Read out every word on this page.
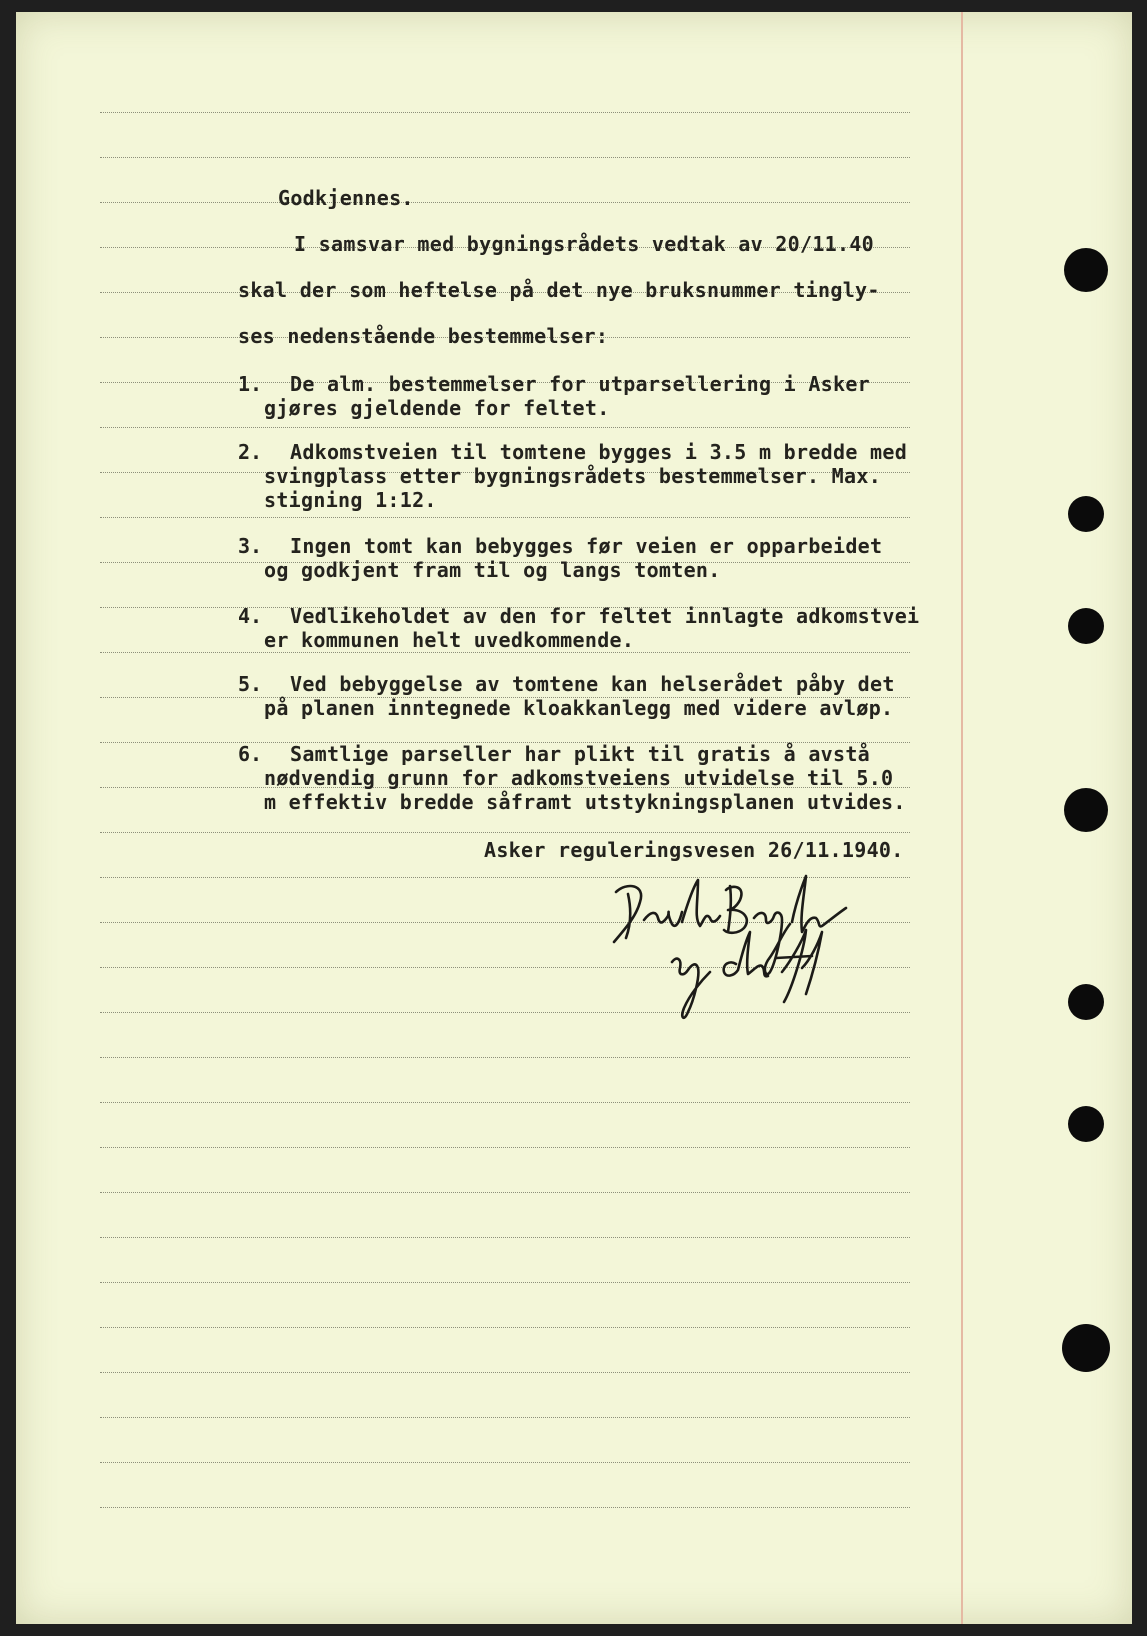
Godkjennes.
I samsvar med bygningsrådets vedtak av 20/11.40
skal der som heftelse på det nye bruksnummer tingly-
ses nedenstående bestemmelser:
1. De alm. bestemmelser for utparsellering i Asker
gjøres gjeldende for feltet.
2. Adkomstveien til tomtene bygges i 3.5 m bredde med
svingplass etter bygningsrådets bestemmelser. Max.
stigning 1:12.
3. Ingen tomt kan bebygges før veien er opparbeidet
og godkjent fram til og langs tomten.
4. Vedlikeholdet av den for feltet innlagte adkomstvei
er kommunen helt uvedkommende.
5. Ved bebyggelse av tomtene kan helserådet påby det
på planen inntegnede kloakkanlegg med videre avløp.
6. Samtlige parseller har plikt til gratis å avstå
nødvendig grunn for adkomstveiens utvidelse til 5.0
m effektiv bredde såframt utstykningsplanen utvides.
Asker reguleringsvesen 26/11.1940.
